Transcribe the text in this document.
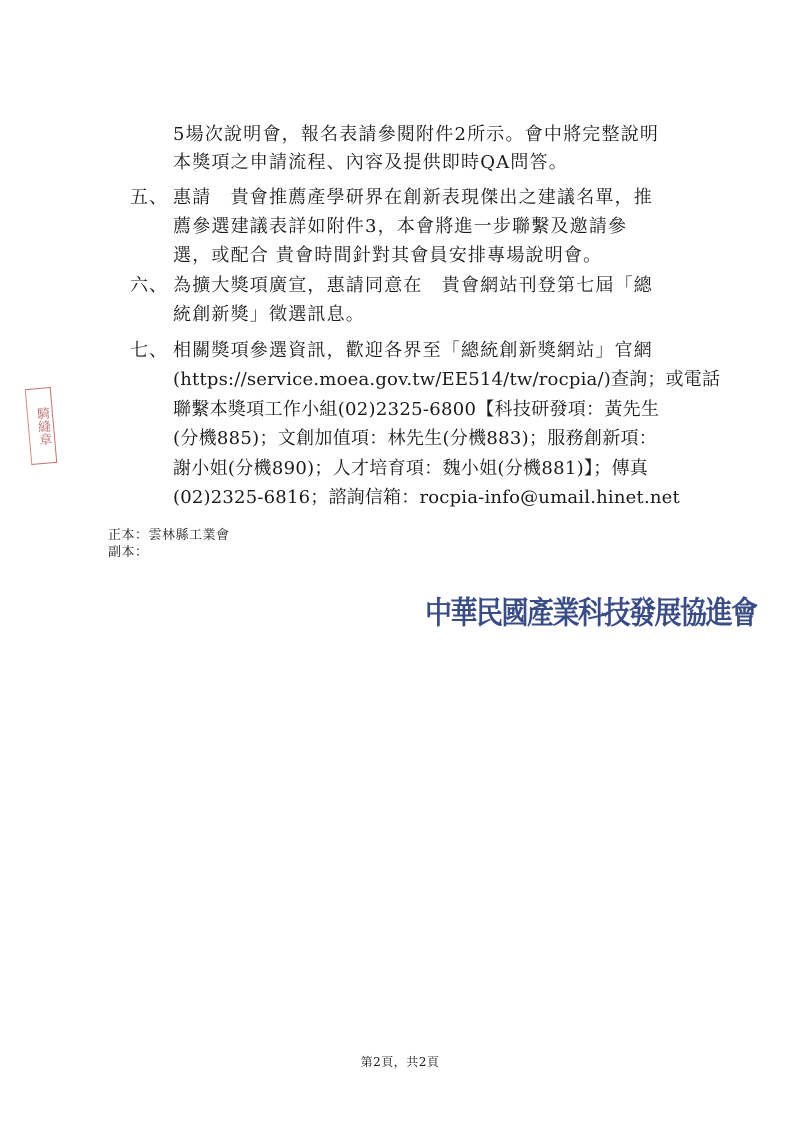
5場次說明會，報名表請參閱附件2所示。會中將完整說明
本獎項之申請流程、內容及提供即時QA問答。
五、 惠請　貴會推薦產學研界在創新表現傑出之建議名單，推
薦參選建議表詳如附件3，本會將進一步聯繫及邀請參
選，或配合 貴會時間針對其會員安排專場說明會。
六、 為擴大獎項廣宣，惠請同意在　貴會網站刊登第七屆「總
統創新獎」徵選訊息。
七、 相關獎項參選資訊，歡迎各界至「總統創新獎網站」官網
(https://service.moea.gov.tw/EE514/tw/rocpia/)查詢；或電話
聯繫本獎項工作小組(02)2325-6800【科技研發項：黃先生
(分機885)；文創加值項：林先生(分機883)；服務創新項：
謝小姐(分機890)；人才培育項：魏小姐(分機881)】；傳真
(02)2325-6816；諮詢信箱：rocpia-info@umail.hinet.net
正本：雲林縣工業會
副本：
騎縫章
中華民國產業科技發展協進會
第2頁，共2頁
